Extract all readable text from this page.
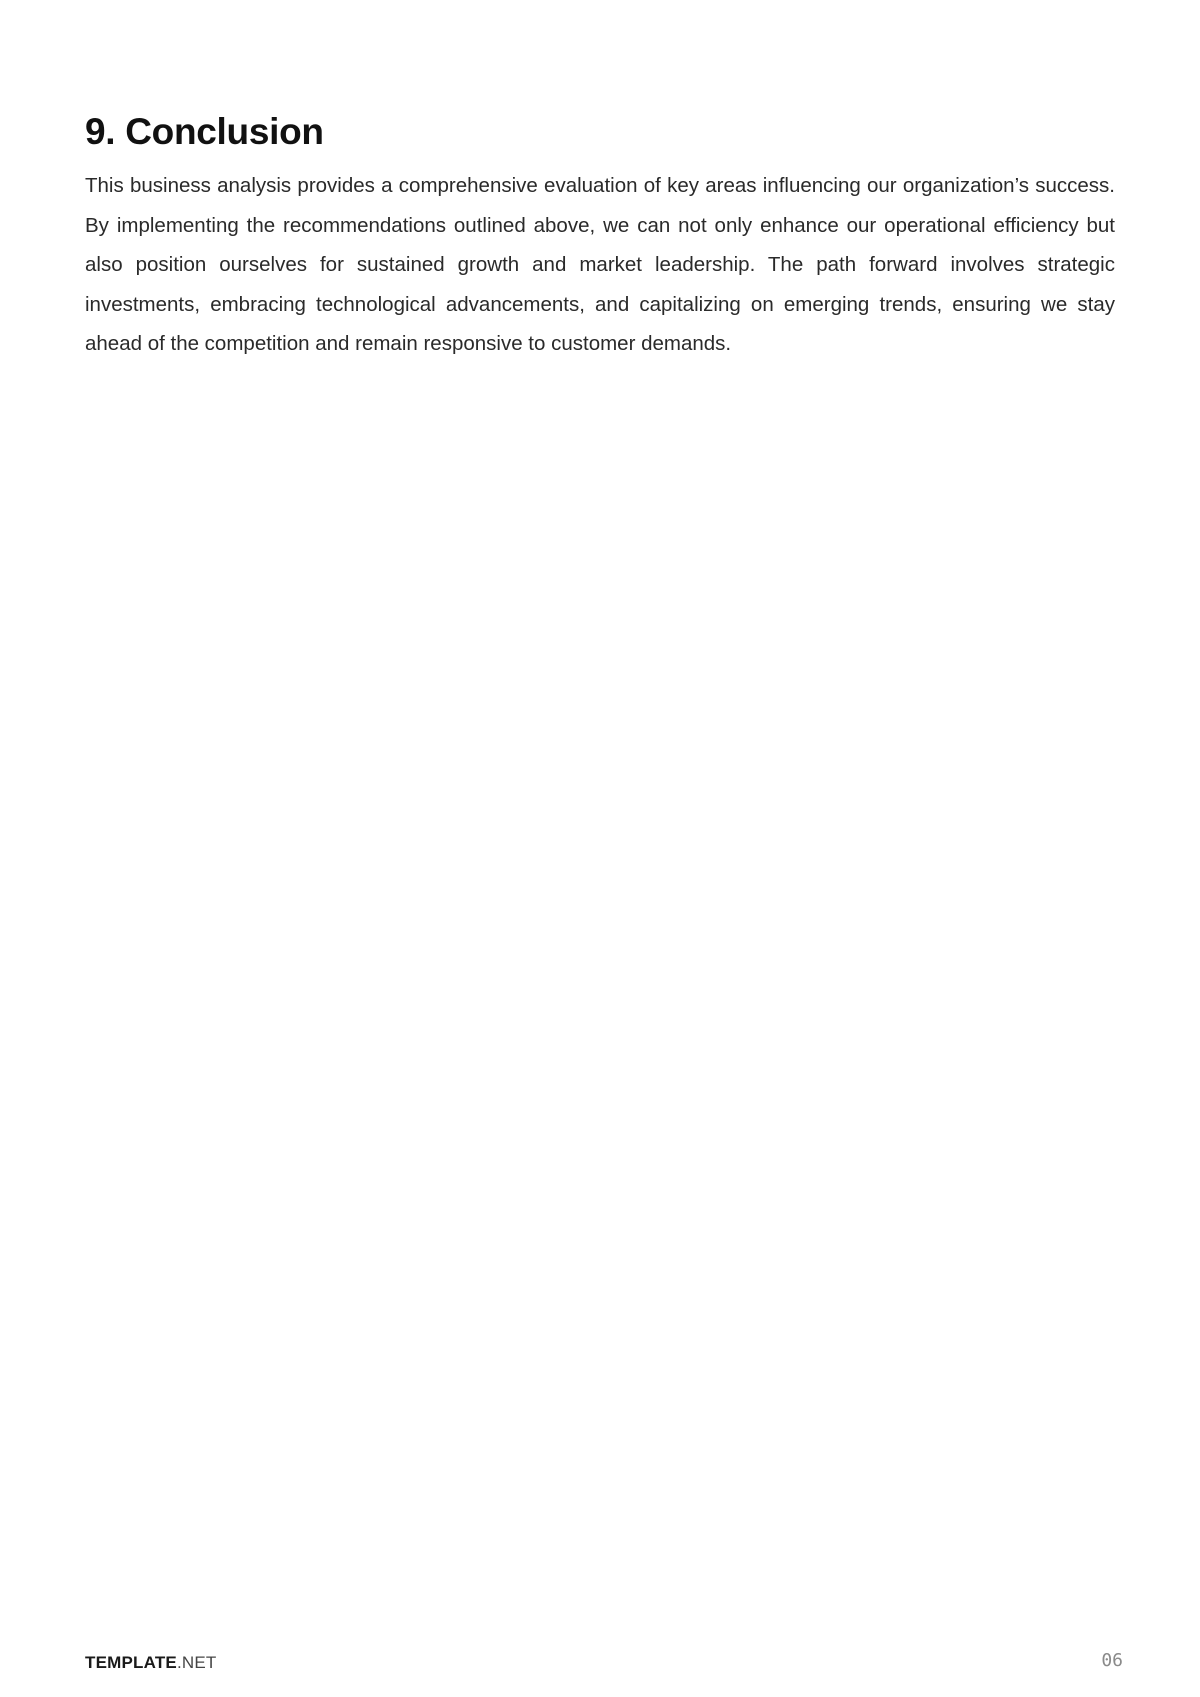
9. Conclusion

This business analysis provides a comprehensive evaluation of key areas influencing our organization’s success. By implementing the recommendations outlined above, we can not only enhance our operational efficiency but also position ourselves for sustained growth and market leadership. The path forward involves strategic investments, embracing technological advancements, and capitalizing on emerging trends, ensuring we stay ahead of the competition and remain responsive to customer demands.

TEMPLATE.NET	06
